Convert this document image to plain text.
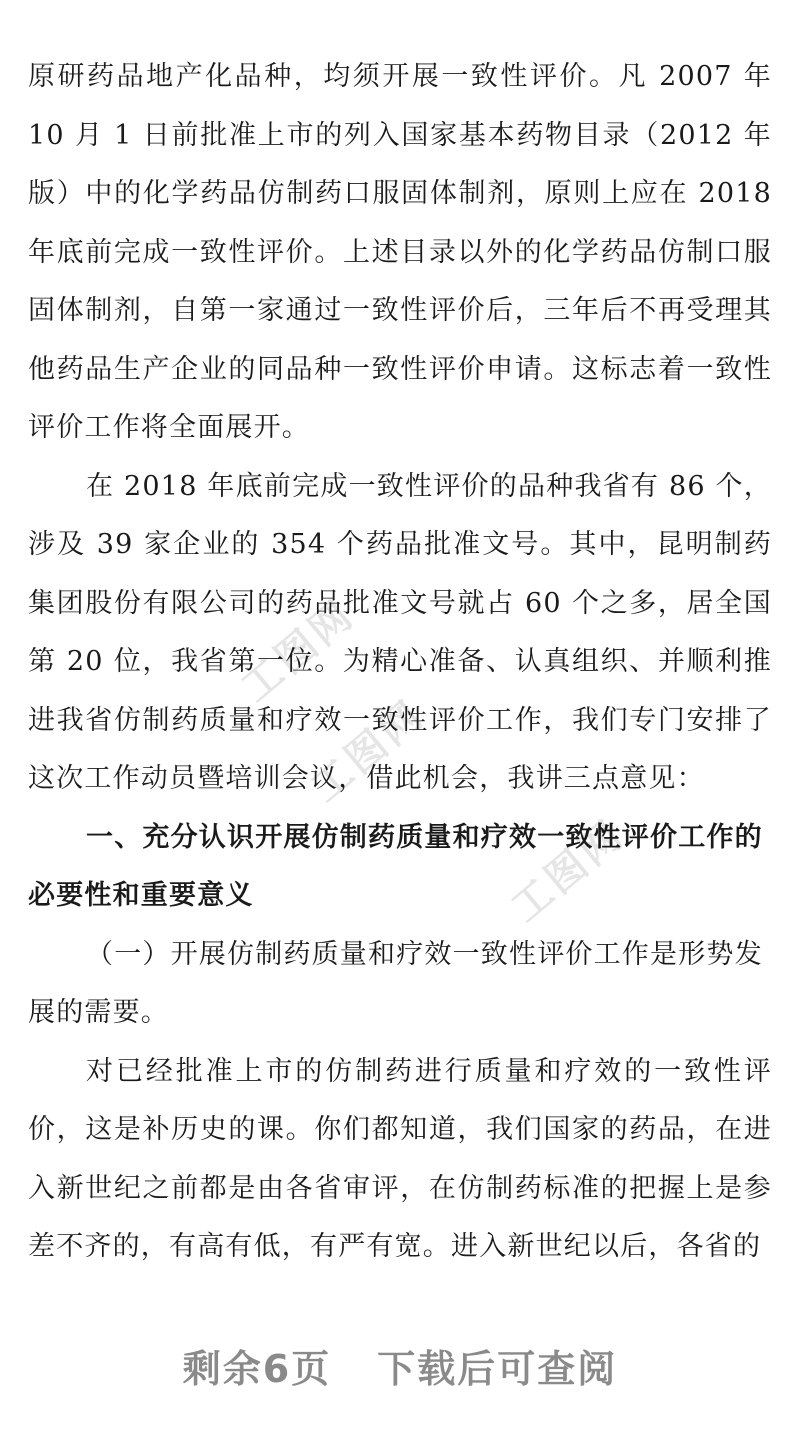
工图网
工图网
工图网

原研药品地产化品种，均须开展一致性评价。凡 2007 年 10 月 1 日前批准上市的列入国家基本药物目录（2012 年版）中的化学药品仿制药口服固体制剂，原则上应在 2018 年底前完成一致性评价。上述目录以外的化学药品仿制口服固体制剂，自第一家通过一致性评价后，三年后不再受理其他药品生产企业的同品种一致性评价申请。这标志着一致性评价工作将全面展开。

在 2018 年底前完成一致性评价的品种我省有 86 个，涉及 39 家企业的 354 个药品批准文号。其中，昆明制药集团股份有限公司的药品批准文号就占 60 个之多，居全国第 20 位，我省第一位。为精心准备、认真组织、并顺利推进我省仿制药质量和疗效一致性评价工作，我们专门安排了这次工作动员暨培训会议，借此机会，我讲三点意见：

一、充分认识开展仿制药质量和疗效一致性评价工作的必要性和重要意义

（一）开展仿制药质量和疗效一致性评价工作是形势发展的需要。

对已经批准上市的仿制药进行质量和疗效的一致性评价，这是补历史的课。你们都知道，我们国家的药品，在进入新世纪之前都是由各省审评，在仿制药标准的把握上是参差不齐的，有高有低，有严有宽。进入新世纪以后，各省的

剩余6页 下载后可查阅
